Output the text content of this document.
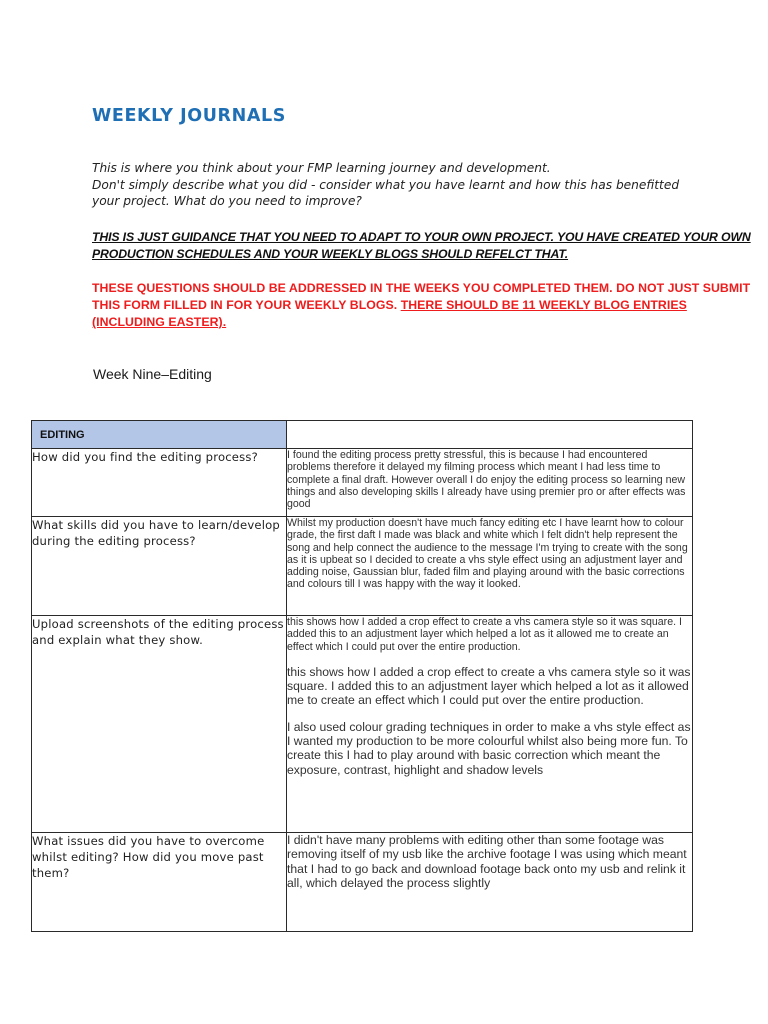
WEEKLY JOURNALS
This is where you think about your FMP learning journey and development.
Don't simply describe what you did - consider what you have learnt and how this has benefitted
your project. What do you need to improve?
THIS IS JUST GUIDANCE THAT YOU NEED TO ADAPT TO YOUR OWN PROJECT. YOU HAVE CREATED YOUR OWN PRODUCTION SCHEDULES AND YOUR WEEKLY BLOGS SHOULD REFELCT THAT.
THESE QUESTIONS SHOULD BE ADDRESSED IN THE WEEKS YOU COMPLETED THEM. DO NOT JUST SUBMIT THIS FORM FILLED IN FOR YOUR WEEKLY BLOGS. THERE SHOULD BE 11 WEEKLY BLOG ENTRIES (INCLUDING EASTER).
Week Nine–Editing
EDITING	

How did you find the editing process?	I found the editing process pretty stressful, this is because I had encountered problems therefore it delayed my filming process which meant I had less time to complete a final draft. However overall I do enjoy the editing process so learning new things and also developing skills I already have using premier pro or after effects was good
What skills did you have to learn/develop during the editing process?	Whilst my production doesn't have much fancy editing etc I have learnt how to colour grade, the first daft I made was black and white which I felt didn't help represent the song and help connect the audience to the message I'm trying to create with the song as it is upbeat so I decided to create a vhs style effect using an adjustment layer and adding noise, Gaussian blur, faded film and playing around with the basic corrections and colours till I was happy with the way it looked.
Upload screenshots of the editing process and explain what they show.	this shows how I added a crop effect to create a vhs camera style so it was square. I added this to an adjustment layer which helped a lot as it allowed me to create an effect which I could put over the entire production.
this shows how I added a crop effect to create a vhs camera style so it was square. I added this to an adjustment layer which helped a lot as it allowed me to create an effect which I could put over the entire production.
I also used colour grading techniques in order to make a vhs style effect as I wanted my production to be more colourful whilst also being more fun. To create this I had to play around with basic correction which meant the exposure, contrast, highlight and shadow levels

What issues did you have to overcome whilst editing? How did you move past them?	I didn't have many problems with editing other than some footage was removing itself of my usb like the archive footage I was using which meant that I had to go back and download footage back onto my usb and relink it all, which delayed the process slightly
